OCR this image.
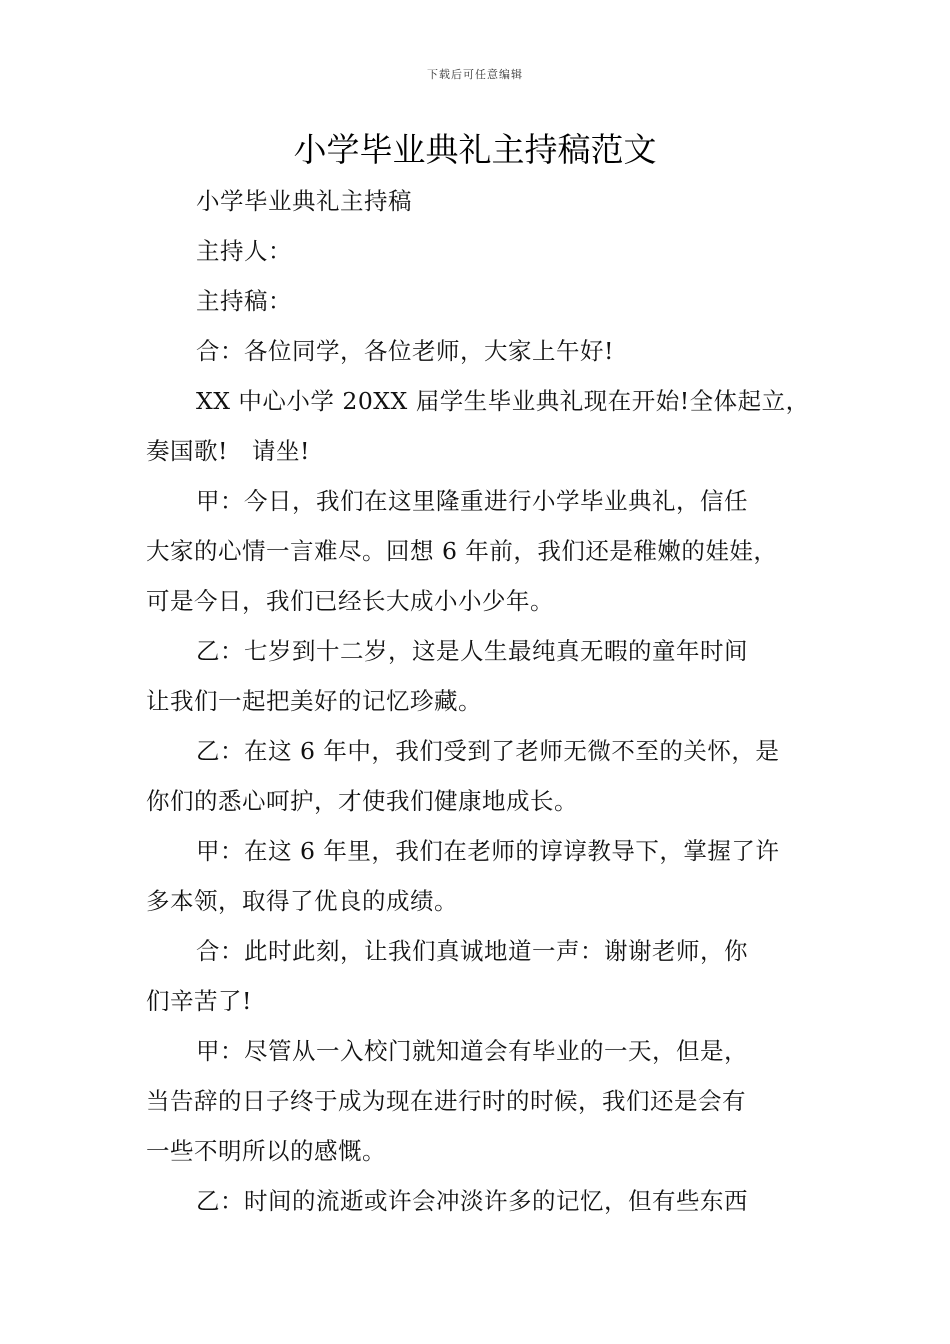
下载后可任意编辑
小学毕业典礼主持稿范文
小学毕业典礼主持稿
主持人：
主持稿：
合：各位同学，各位老师，大家上午好!
XX 中心小学 20XX 届学生毕业典礼现在开始!全体起立，
奏国歌!　请坐!
甲：今日，我们在这里隆重进行小学毕业典礼，信任
大家的心情一言难尽。回想 6 年前，我们还是稚嫩的娃娃，
可是今日，我们已经长大成小小少年。
乙：七岁到十二岁，这是人生最纯真无暇的童年时间
让我们一起把美好的记忆珍藏。
乙：在这 6 年中，我们受到了老师无微不至的关怀，是
你们的悉心呵护，才使我们健康地成长。
甲：在这 6 年里，我们在老师的谆谆教导下，掌握了许
多本领，取得了优良的成绩。
合：此时此刻，让我们真诚地道一声：谢谢老师，你
们辛苦了!
甲：尽管从一入校门就知道会有毕业的一天，但是，
当告辞的日子终于成为现在进行时的时候，我们还是会有
一些不明所以的感慨。
乙：时间的流逝或许会冲淡许多的记忆，但有些东西
